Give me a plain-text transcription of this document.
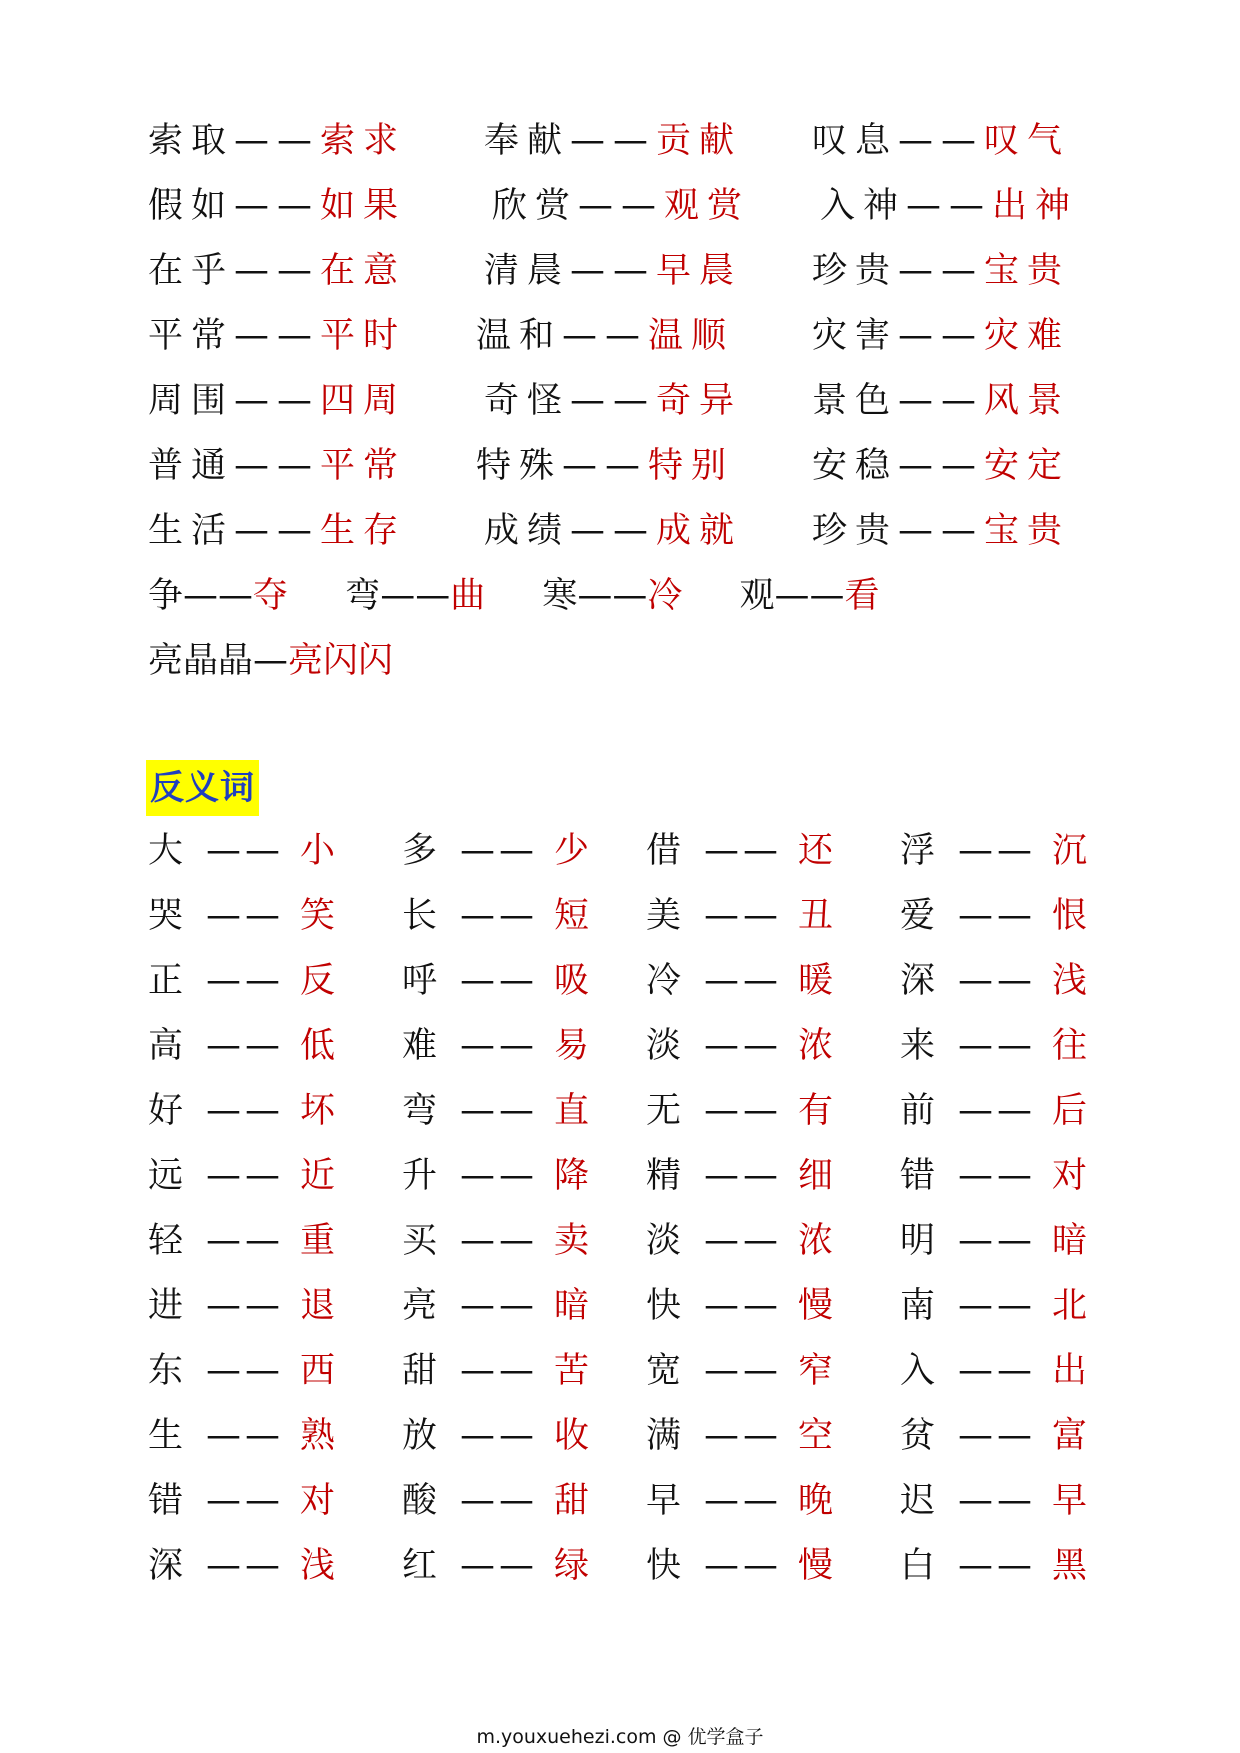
索取——索求 奉献——贡献 叹息——叹气
假如——如果 欣赏——观赏 入神——出神
在乎——在意 清晨——早晨 珍贵——宝贵
平常——平时 温和——温顺 灾害——灾难
周围——四周 奇怪——奇异 景色——风景
普通——平常 特殊——特别 安稳——安定
生活——生存 成绩——成就 珍贵——宝贵
争——夺 弯——曲 寒——冷 观——看
亮晶晶—亮闪闪
反义词
大 —— 小 多 —— 少 借 —— 还 浮 —— 沉
哭 —— 笑 长 —— 短 美 —— 丑 爱 —— 恨
正 —— 反 呼 —— 吸 冷 —— 暖 深 —— 浅
高 —— 低 难 —— 易 淡 —— 浓 来 —— 往
好 —— 坏 弯 —— 直 无 —— 有 前 —— 后
远 —— 近 升 —— 降 精 —— 细 错 —— 对
轻 —— 重 买 —— 卖 淡 —— 浓 明 —— 暗
进 —— 退 亮 —— 暗 快 —— 慢 南 —— 北
东 —— 西 甜 —— 苦 宽 —— 窄 入 —— 出
生 —— 熟 放 —— 收 满 —— 空 贫 —— 富
错 —— 对 酸 —— 甜 早 —— 晚 迟 —— 早
深 —— 浅 红 —— 绿 快 —— 慢 白 —— 黑
m.youxuehezi.com @ 优学盒子
